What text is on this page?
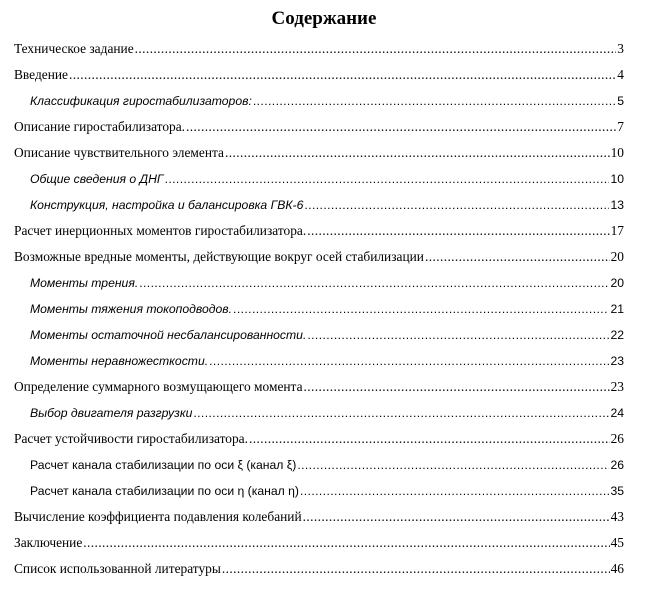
Содержание
Техническое задание .....	3
Введение .....	4
Классификация гиростабилизаторов: .....	5
Описание гиростабилизатора. .....	7
Описание чувствительного элемента .....	10
Общие сведения о ДНГ .....	10
Конструкция, настройка и балансировка ГВК-6 .....	13
Расчет инерционных моментов гиростабилизатора. .....	17
Возможные вредные моменты, действующие вокруг осей стабилизации .....	20
Моменты трения. .....	20
Моменты тяжения токоподводов. .....	21
Моменты остаточной несбалансированности. .....	22
Моменты неравножесткости. .....	23
Определение суммарного возмущающего момента .....	23
Выбор двигателя разгрузки .....	24
Расчет устойчивости гиростабилизатора. .....	26
Расчет канала стабилизации по оси ξ (канал ξ) .....	26
Расчет канала стабилизации по оси η (канал η) .....	35
Вычисление коэффициента подавления колебаний .....	43
Заключение .....	45
Список использованной литературы .....	46
